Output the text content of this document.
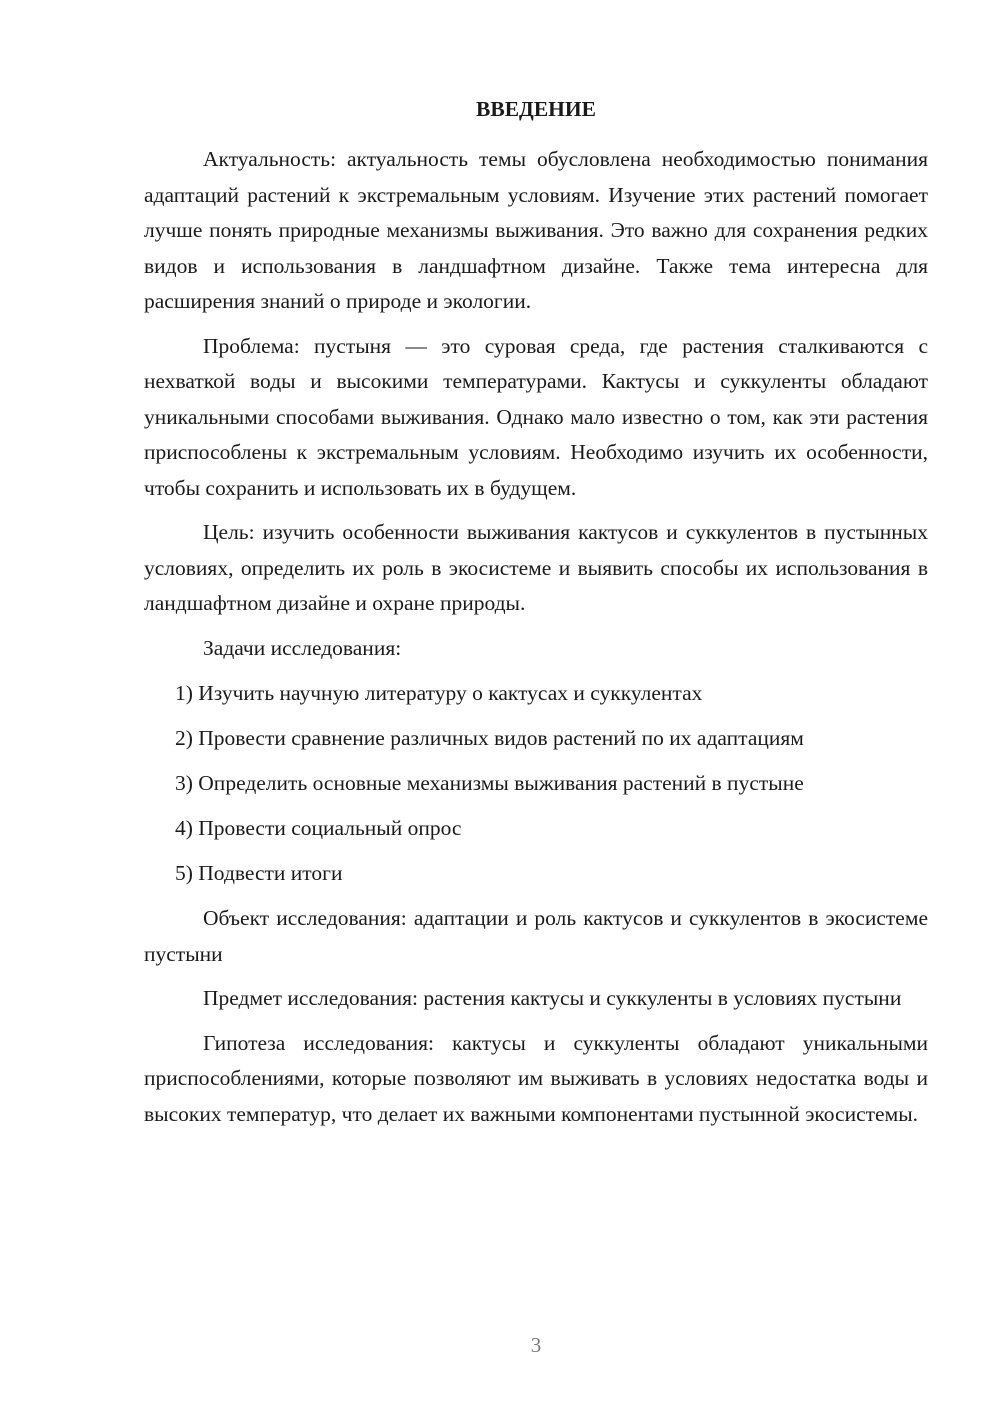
ВВЕДЕНИЕ

Актуальность: актуальность темы обусловлена необходимостью понимания адаптаций растений к экстремальным условиям. Изучение этих растений помогает лучше понять природные механизмы выживания. Это важно для сохранения редких видов и использования в ландшафтном дизайне. Также тема интересна для расширения знаний о природе и экологии.

Проблема: пустыня — это суровая среда, где растения сталкиваются с нехваткой воды и высокими температурами. Кактусы и суккуленты обладают уникальными способами выживания. Однако мало известно о том, как эти растения приспособлены к экстремальным условиям. Необходимо изучить их особенности, чтобы сохранить и использовать их в будущем.

Цель: изучить особенности выживания кактусов и суккулентов в пустынных условиях, определить их роль в экосистеме и выявить способы их использования в ландшафтном дизайне и охране природы.

Задачи исследования:

1) Изучить научную литературу о кактусах и суккулентах
2) Провести сравнение различных видов растений по их адаптациям
3) Определить основные механизмы выживания растений в пустыне
4) Провести социальный опрос
5) Подвести итоги

Объект исследования: адаптации и роль кактусов и суккулентов в экосистеме пустыни

Предмет исследования: растения кактусы и суккуленты в условиях пустыни

Гипотеза исследования: кактусы и суккуленты обладают уникальными приспособлениями, которые позволяют им выживать в условиях недостатка воды и высоких температур, что делает их важными компонентами пустынной экосистемы.

3
